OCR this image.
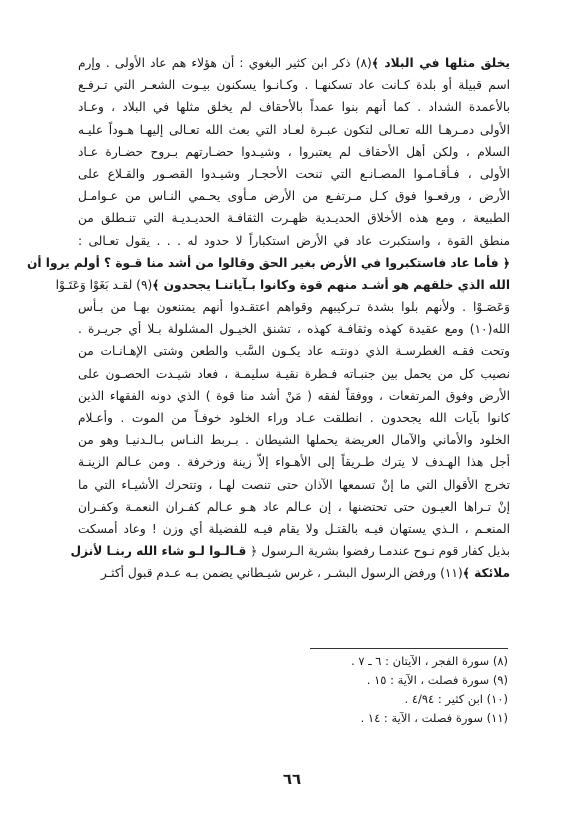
يخلق مثلها في البلاد ﴾(٨) ذكر ابن كثير البغوي : أن هؤلاء هم عاد الأولى . وإرم
اسم قبيلة أو بلدة كـانت عاد تسكنهـا . وكـانـوا يسكنون بيـوت الشعـر التي تـرفـع
بالأعمدة الشداد . كما أنهم بنوا عمداً بالأحقاف لم يخلق مثلها في البلاد ، وعـاد
الأولى دمـرهـا الله تعـالى لتكون عبـرة لعـاد التي بعث الله تعـالى إليهـا هـوداً عليـه
السلام ، ولكن أهل الأحقاف لم يعتبروا ، وشيـدوا حضـارتهم بـروح حضـارة عـاد
الأولى ، فـأقـامـوا المصـانـع التي تنحت الأحجـار وشيـدوا القصـور والقـلاع على
الأرض ، ورفعـوا فوق كـل مـرتفـع من الأرض مـأوى يحـمي النـاس من عـوامـل
الطبيعة ، ومع هذه الأخلاق الحديـدية ظهـرت الثقافـة الحديـديـة التي تنـطلق من
منطق القوة ، واستكبرت عاد في الأرض استكباراً لا حدود له . . . يقول تعـالى :
﴿ فأما عاد فاستكبروا في الأرض بغير الحق وقالوا من أشد منا قـوة ؟ أولم يروا أن
الله الذي خلقهم هو أشـد منهم قوة وكانوا بـآياتنـا يجحدون ﴾(٩) لقـد بَغَوْا وَعَتَـوْا
وَعَصَـوْا . ولأنهم بلوا بشدة تـركيبهم وقواهم اعتقـدوا أنهم يمتنعون بهـا من بـأس
الله(١٠) ومع عقيدة كهذه وثقافـة كهذه ، تشنق الخيـول المشلولة بـلا أي جريـرة .
وتحت فقـه الغطرسـة الذي دونتـه عاد يكـون السَّب والطعن وشتى الإهـانـات من
نصيب كل من يحمل بين جنبـاته فـطرة نقيـة سليمـة ، فعاد شيـدت الحصـون على
الأرض وفوق المرتفعات ، ووفقاً لفقه ( مَنْ أشد منا قوة ) الذي دونه الفقهاء الذين
كانوا بآيات الله يجحدون . انطلقت عـاد وراء الخلود خوفـاً من الموت . وأعـلام
الخلود والأماني والآمال العريضة يحملها الشيطان . بـربط النـاس بـالـدنيـا وهو من
أجل هذا الهـدف لا يترك طـريقاً إلى الأهـواء إلاّ زينة وزخرفة . ومن عـالم الزينـة
تخرج الأقوال التي ما إنْ تسمعها الآذان حتى تنصت لهـا ، وتتحرك الأشيـاء التي ما
إنْ تـراها العيـون حتى تحتضنها ، إن عـالم عاد هـو عـالم كفـران النعمـة وكفـران
المنعـم ، الـذي يستهان فيـه بالقتـل ولا يقام فيـه للفضيلة أي وزن ! وعاد أمسكت
بذيل كفار قوم نـوح عندمـا رفضوا بشرية الـرسول ﴿ قـالـوا لـو شاء الله ربنـا لأنزل
ملائكة ﴾(١١) ورفض الرسول البشـر ، غرس شيـطاني يضمن بـه عـدم قبول أكثـر
(٨) سورة الفجر ، الآيتان : ٦ ـ ٧ .
(٩) سورة فصلت ، الآية : ١٥ .
(١٠) ابن كثير : ٤/٩٤ .
(١١) سورة فصلت ، الآية : ١٤ .
٦٦
